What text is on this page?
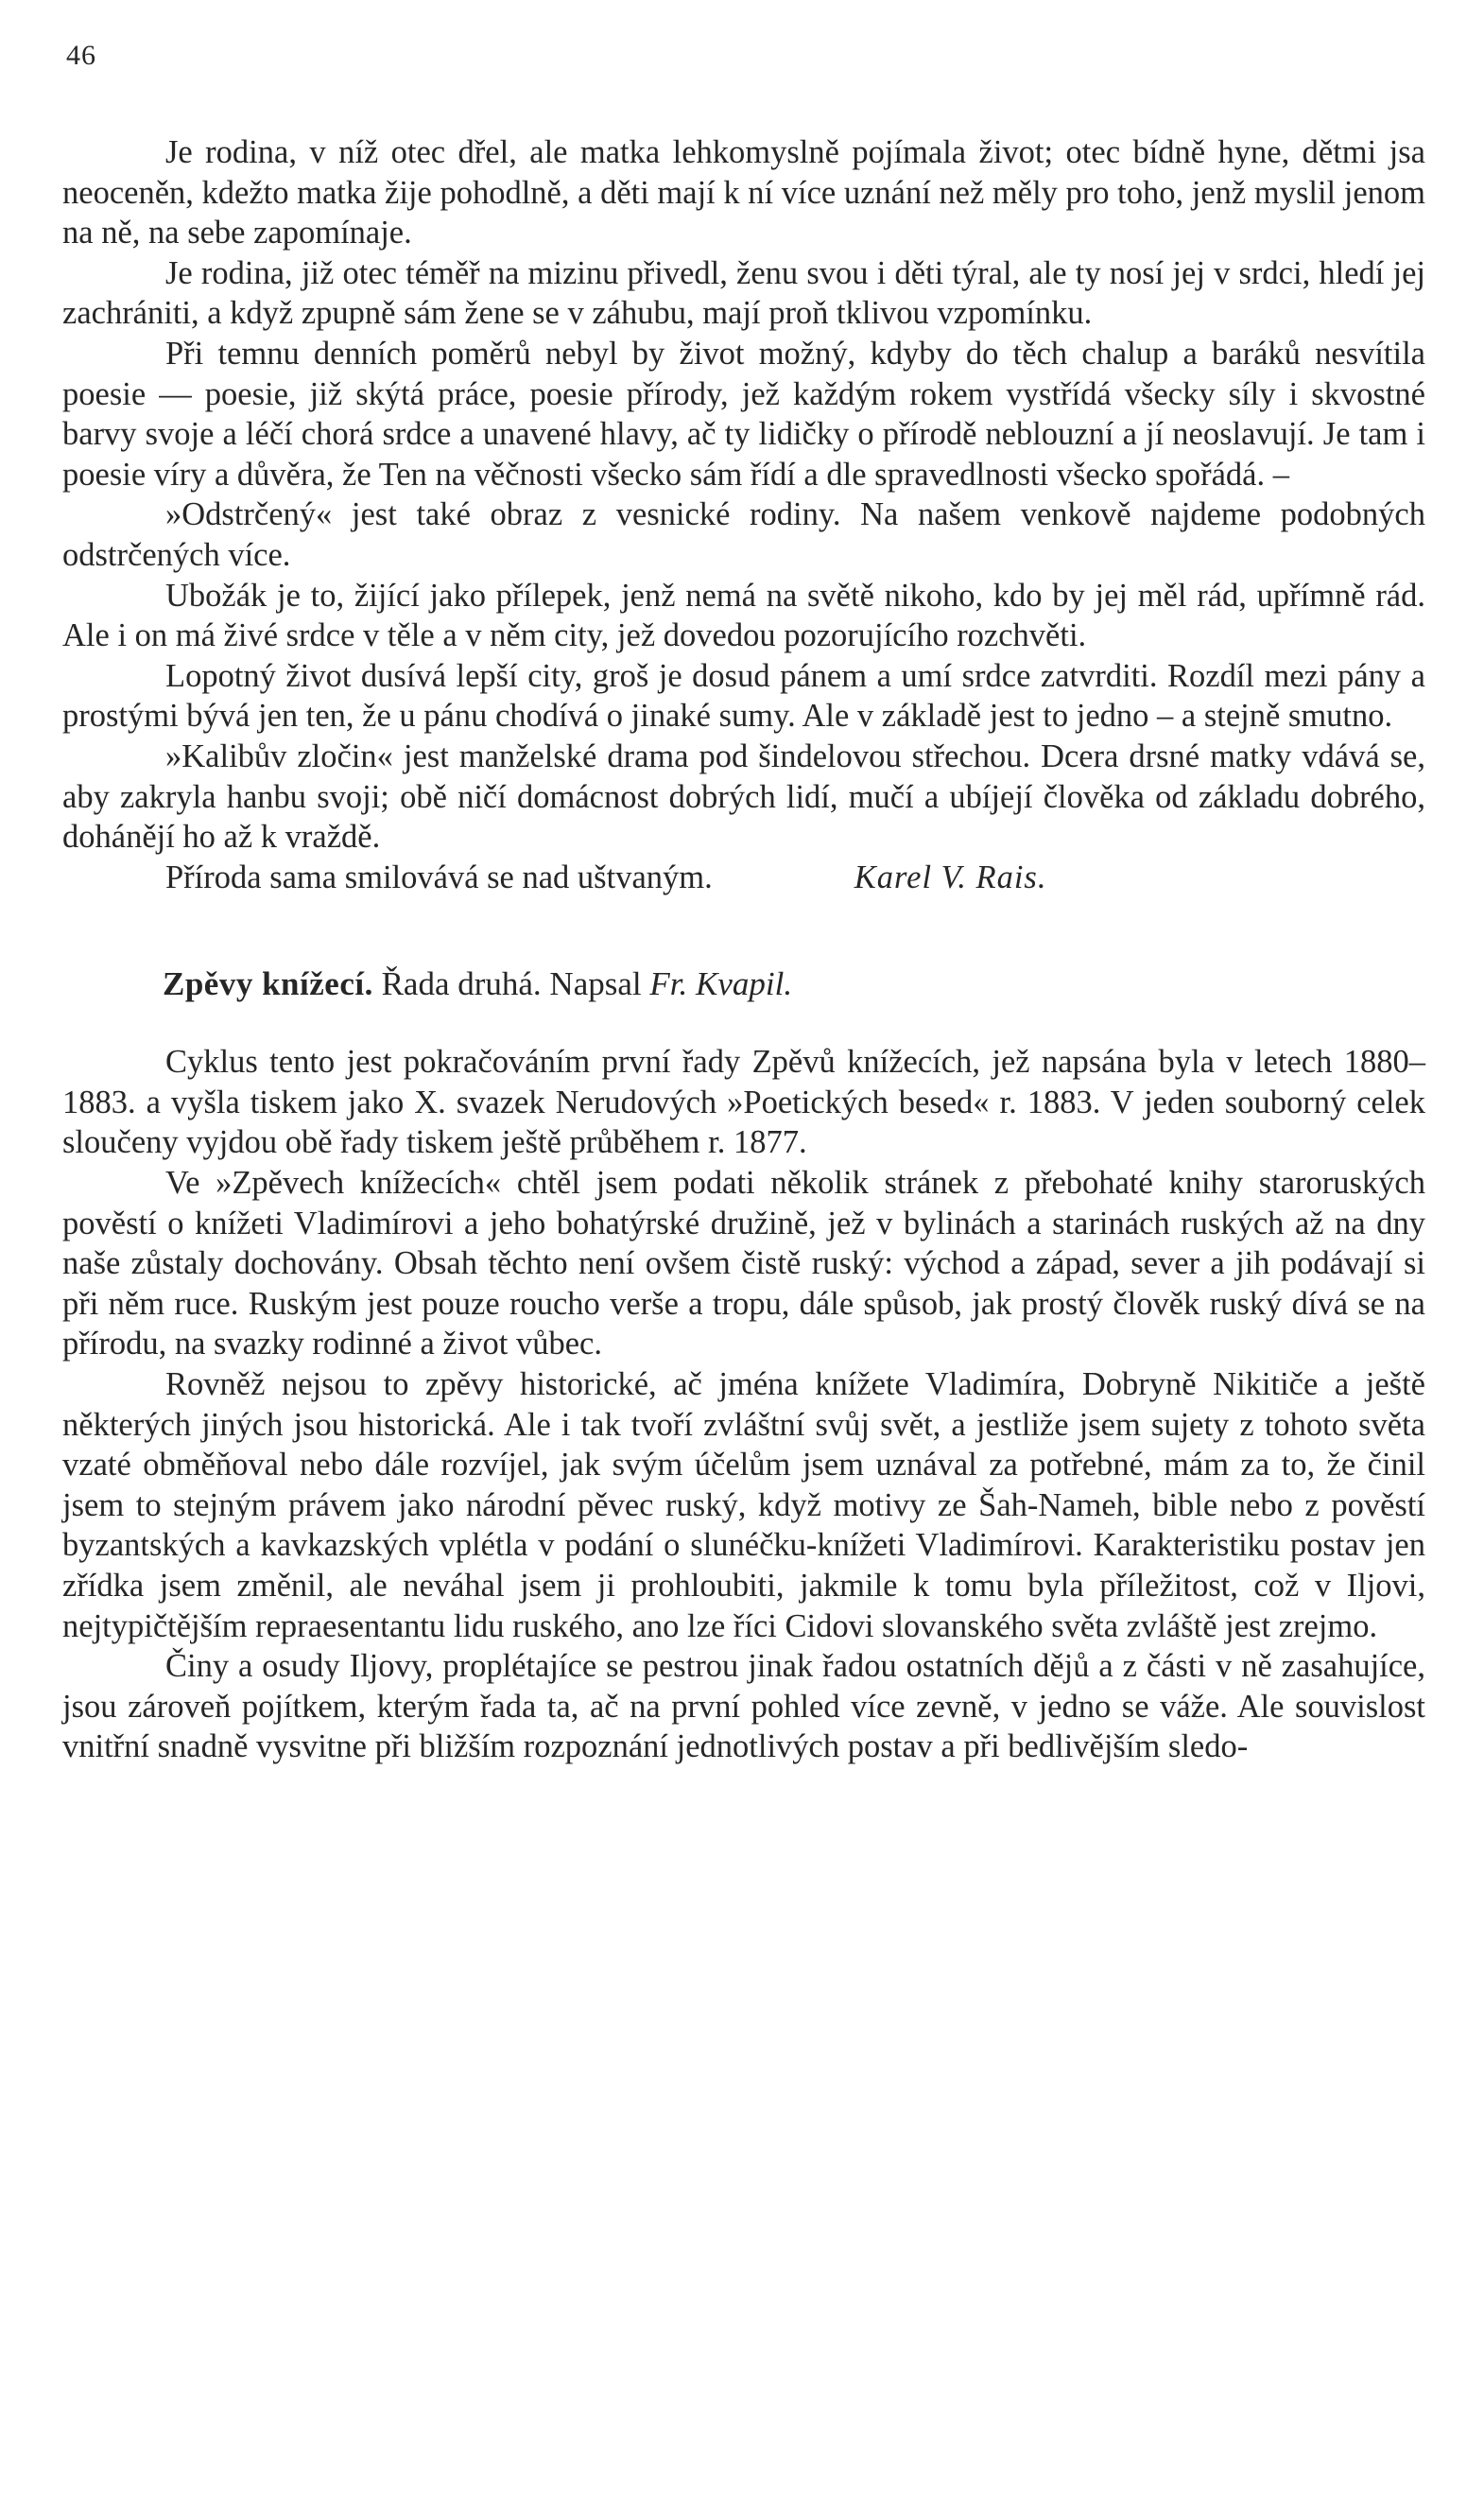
46

Je rodina, v níž otec dřel, ale matka lehkomyslně pojímala život; otec bídně hyne, dětmi jsa neoceněn, kdežto matka žije pohodlně, a děti mají k ní více uznání než měly pro toho, jenž myslil jenom na ně, na sebe zapomínaje.

Je rodina, již otec téměř na mizinu přivedl, ženu svou i děti týral, ale ty nosí jej v srdci, hledí jej zachrániti, a když zpupně sám žene se v záhubu, mají proň tklivou vzpomínku.

Při temnu denních poměrů nebyl by život možný, kdyby do těch chalup a baráků nesvítila poesie — poesie, již skýtá práce, poesie přírody, jež každým rokem vystřídá všecky síly i skvostné barvy svoje a léčí chorá srdce a unavené hlavy, ač ty lidičky o přírodě neblouzní a jí neoslavují. Je tam i poesie víry a důvěra, že Ten na věčnosti všecko sám řídí a dle spravedlnosti všecko spořádá. –

»Odstrčený« jest také obraz z vesnické rodiny. Na našem venkově najdeme podobných odstrčených více.

Ubožák je to, žijící jako přílepek, jenž nemá na světě nikoho, kdo by jej měl rád, upřímně rád. Ale i on má živé srdce v těle a v něm city, jež dovedou pozorujícího rozchvěti.

Lopotný život dusívá lepší city, groš je dosud pánem a umí srdce zatvrditi. Rozdíl mezi pány a prostými bývá jen ten, že u pánu chodívá o jinaké sumy. Ale v základě jest to jedno – a stejně smutno.

»Kalibův zločin« jest manželské drama pod šindelovou střechou. Dcera drsné matky vdává se, aby zakryla hanbu svoji; obě ničí domácnost dobrých lidí, mučí a ubíjejí člověka od základu dobrého, dohánějí ho až k vraždě.

Příroda sama smilovává se nad uštvaným.	Karel V. Rais.

Zpěvy knížecí. Řada druhá. Napsal Fr. Kvapil.

Cyklus tento jest pokračováním první řady Zpěvů knížecích, jež napsána byla v letech 1880–1883. a vyšla tiskem jako X. svazek Nerudových »Poetických besed« r. 1883. V jeden souborný celek sloučeny vyjdou obě řady tiskem ještě průběhem r. 1877.

Ve »Zpěvech knížecích« chtěl jsem podati několik stránek z přebohaté knihy staroruských pověstí o knížeti Vladimírovi a jeho bohatýrské družině, jež v bylinách a starinách ruských až na dny naše zůstaly dochovány. Obsah těchto není ovšem čistě ruský: východ a západ, sever a jih podávají si při něm ruce. Ruským jest pouze roucho verše a tropu, dále spůsob, jak prostý člověk ruský dívá se na přírodu, na svazky rodinné a život vůbec.

Rovněž nejsou to zpěvy historické, ač jména knížete Vladimíra, Dobryně Nikitiče a ještě některých jiných jsou historická. Ale i tak tvoří zvláštní svůj svět, a jestliže jsem sujety z tohoto světa vzaté obměňoval nebo dále rozvíjel, jak svým účelům jsem uznával za potřebné, mám za to, že činil jsem to stejným právem jako národní pěvec ruský, když motivy ze Šah-Nameh, bible nebo z pověstí byzantských a kavkazských vplétla v podání o slunéčku-knížeti Vladimírovi. Karakteristiku postav jen zřídka jsem změnil, ale neváhal jsem ji prohloubiti, jakmile k tomu byla příležitost, což v Iljovi, nejtypičtějším repraesentantu lidu ruského, ano lze říci Cidovi slovanského světa zvláště jest zrejmo.

Činy a osudy Iljovy, proplétajíce se pestrou jinak řadou ostatních dějů a z části v ně zasahujíce, jsou zároveň pojítkem, kterým řada ta, ač na první pohled více zevně, v jedno se váže. Ale souvislost vnitřní snadně vysvitne při bližším rozpoznání jednotlivých postav a při bedlivějším sledo-
